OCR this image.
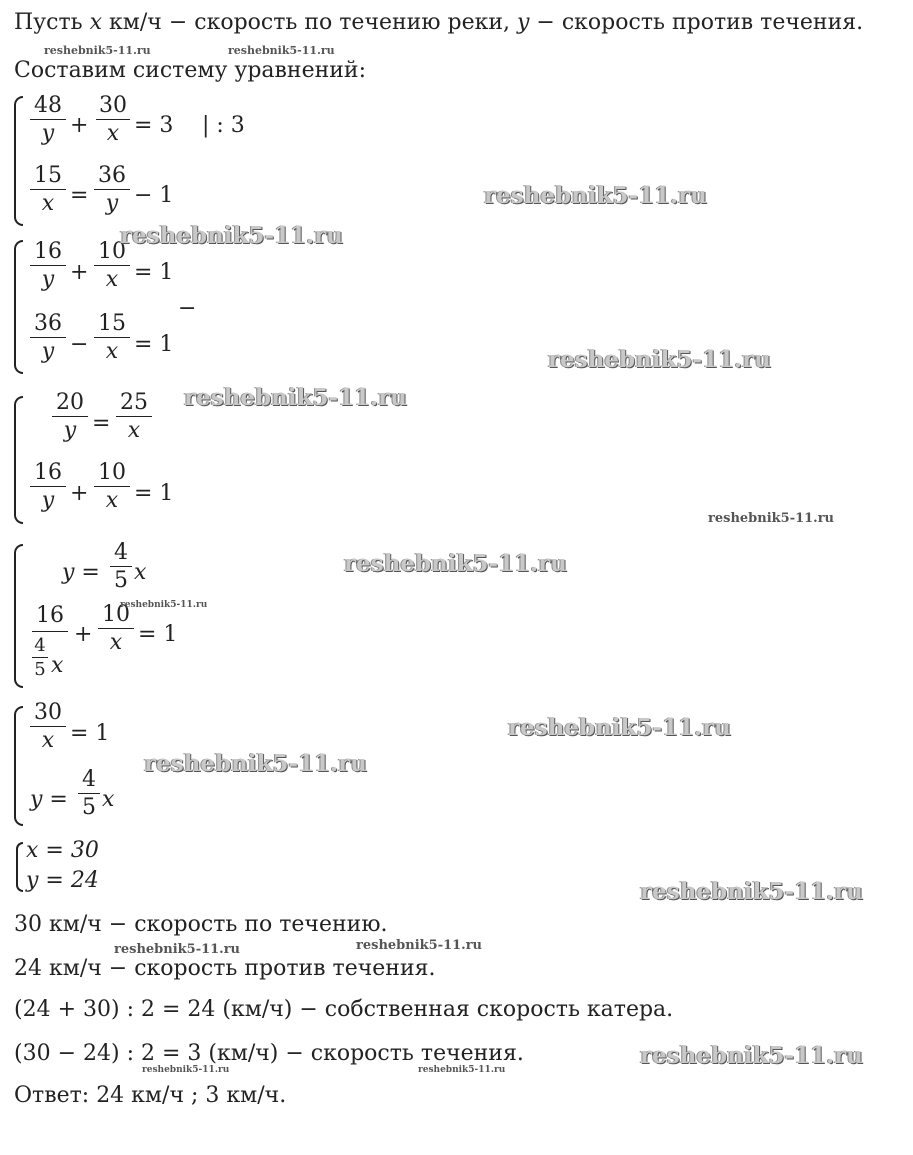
Пусть x км/ч − скорость по течению реки, y − скорость против течения.
Составим систему уравнений:
48
y +
30
x = 3 | : 3
15
x =
36
y − 1
16
y +
10
x = 1
−
36
y −
15
x = 1
20
y =
25
x
16
y +
10
x = 1
y =
4
5 x
16
4
5 x
+
10
x = 1
30
x = 1
y =
4
5 x
x = 30
y = 24
30 км/ч − скорость по течению.
24 км/ч − скорость против течения.
(24 + 30) : 2 = 24 (км/ч) − собственная скорость катера.
(30 − 24) : 2 = 3 (км/ч) − скорость течения.
Ответ: 24 км/ч ; 3 км/ч.
reshebnik5-11.ru	reshebnik5-11.ru
reshebnik5-11.ru
reshebnik5-11.ru
reshebnik5-11.ru
reshebnik5-11.ru
reshebnik5-11.ru
reshebnik5-11.ru
reshebnik5-11.ru
reshebnik5-11.ru
reshebnik5-11.ru
reshebnik5-11.ru
reshebnik5-11.ru	reshebnik5-11.ru
reshebnik5-11.ru
reshebnik5-11.ru	reshebnik5-11.ru
